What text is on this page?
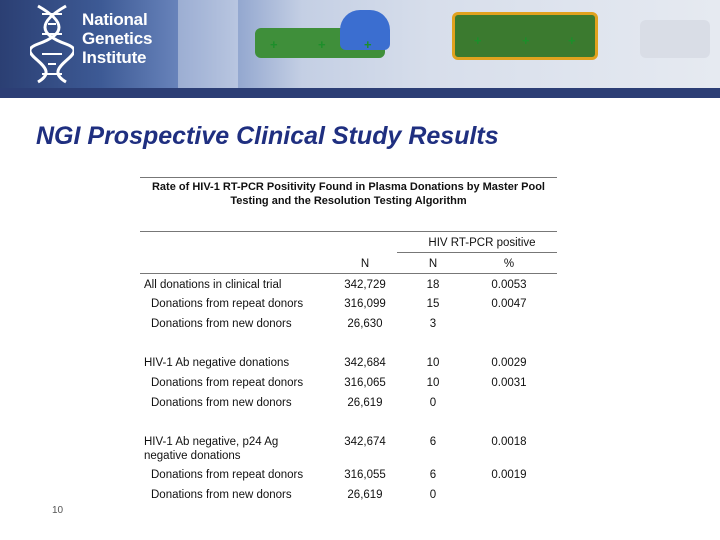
+	+	+	+	+	+
National
Genetics
Institute
NGI Prospective Clinical Study Results
Rate of HIV-1 RT-PCR Positivity Found in Plasma Donations by Master Pool Testing and the Resolution Testing Algorithm
HIV RT-PCR positive
N	N	%
All donations in clinical trial	342,729	18	0.0053
Donations from repeat donors	316,099	15	0.0047
Donations from new donors	26,630	3
HIV-1 Ab negative donations	342,684	10	0.0029
Donations from repeat donors	316,065	10	0.0031
Donations from new donors	26,619	0
HIV-1 Ab negative, p24 Ag
negative donations
342,674	6	0.0018
Donations from repeat donors	316,055	6	0.0019
Donations from new donors	26,619	0
10
